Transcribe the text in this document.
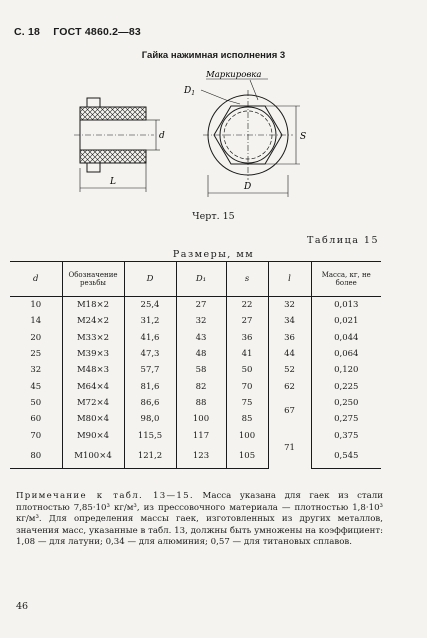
С. 18 ГОСТ 4860.2—83
Гайка нажимная исполнения 3
d
L
Маркировка
$D_1$
S
D
Черт. 15
Таблица 15
Размеры, мм
d	Обозначение резьбы	D	D₁	s	l	Масса, кг, не более
10	M18×2	25,4	27	22	32	0,013
14	M24×2	31,2	32	27	34	0,021
20	M33×2	41,6	43	36	36	0,044
25	M39×3	47,3	48	41	44	0,064
32	M48×3	57,7	58	50	52	0,120
45	M64×4	81,6	82	70	62	0,225
50	M72×4	86,6	88	75	67	0,250
60	M80×4	98,0	100	85		0,275
70	M90×4	115,5	117	100	71	0,375
80	M100×4	121,2	123	105		0,545
Примечание к табл. 13—15. Масса указана для гаек из стали плотностью 7,85·10³ кг/м³, из прессовочного материала — плотностью 1,8·10³ кг/м³. Для определения массы гаек, изготовленных из других металлов, значения масс, указанные в табл. 13, должны быть умножены на коэффициент: 1,08 — для латуни; 0,34 — для алюминия; 0,57 — для титановых сплавов.
46
